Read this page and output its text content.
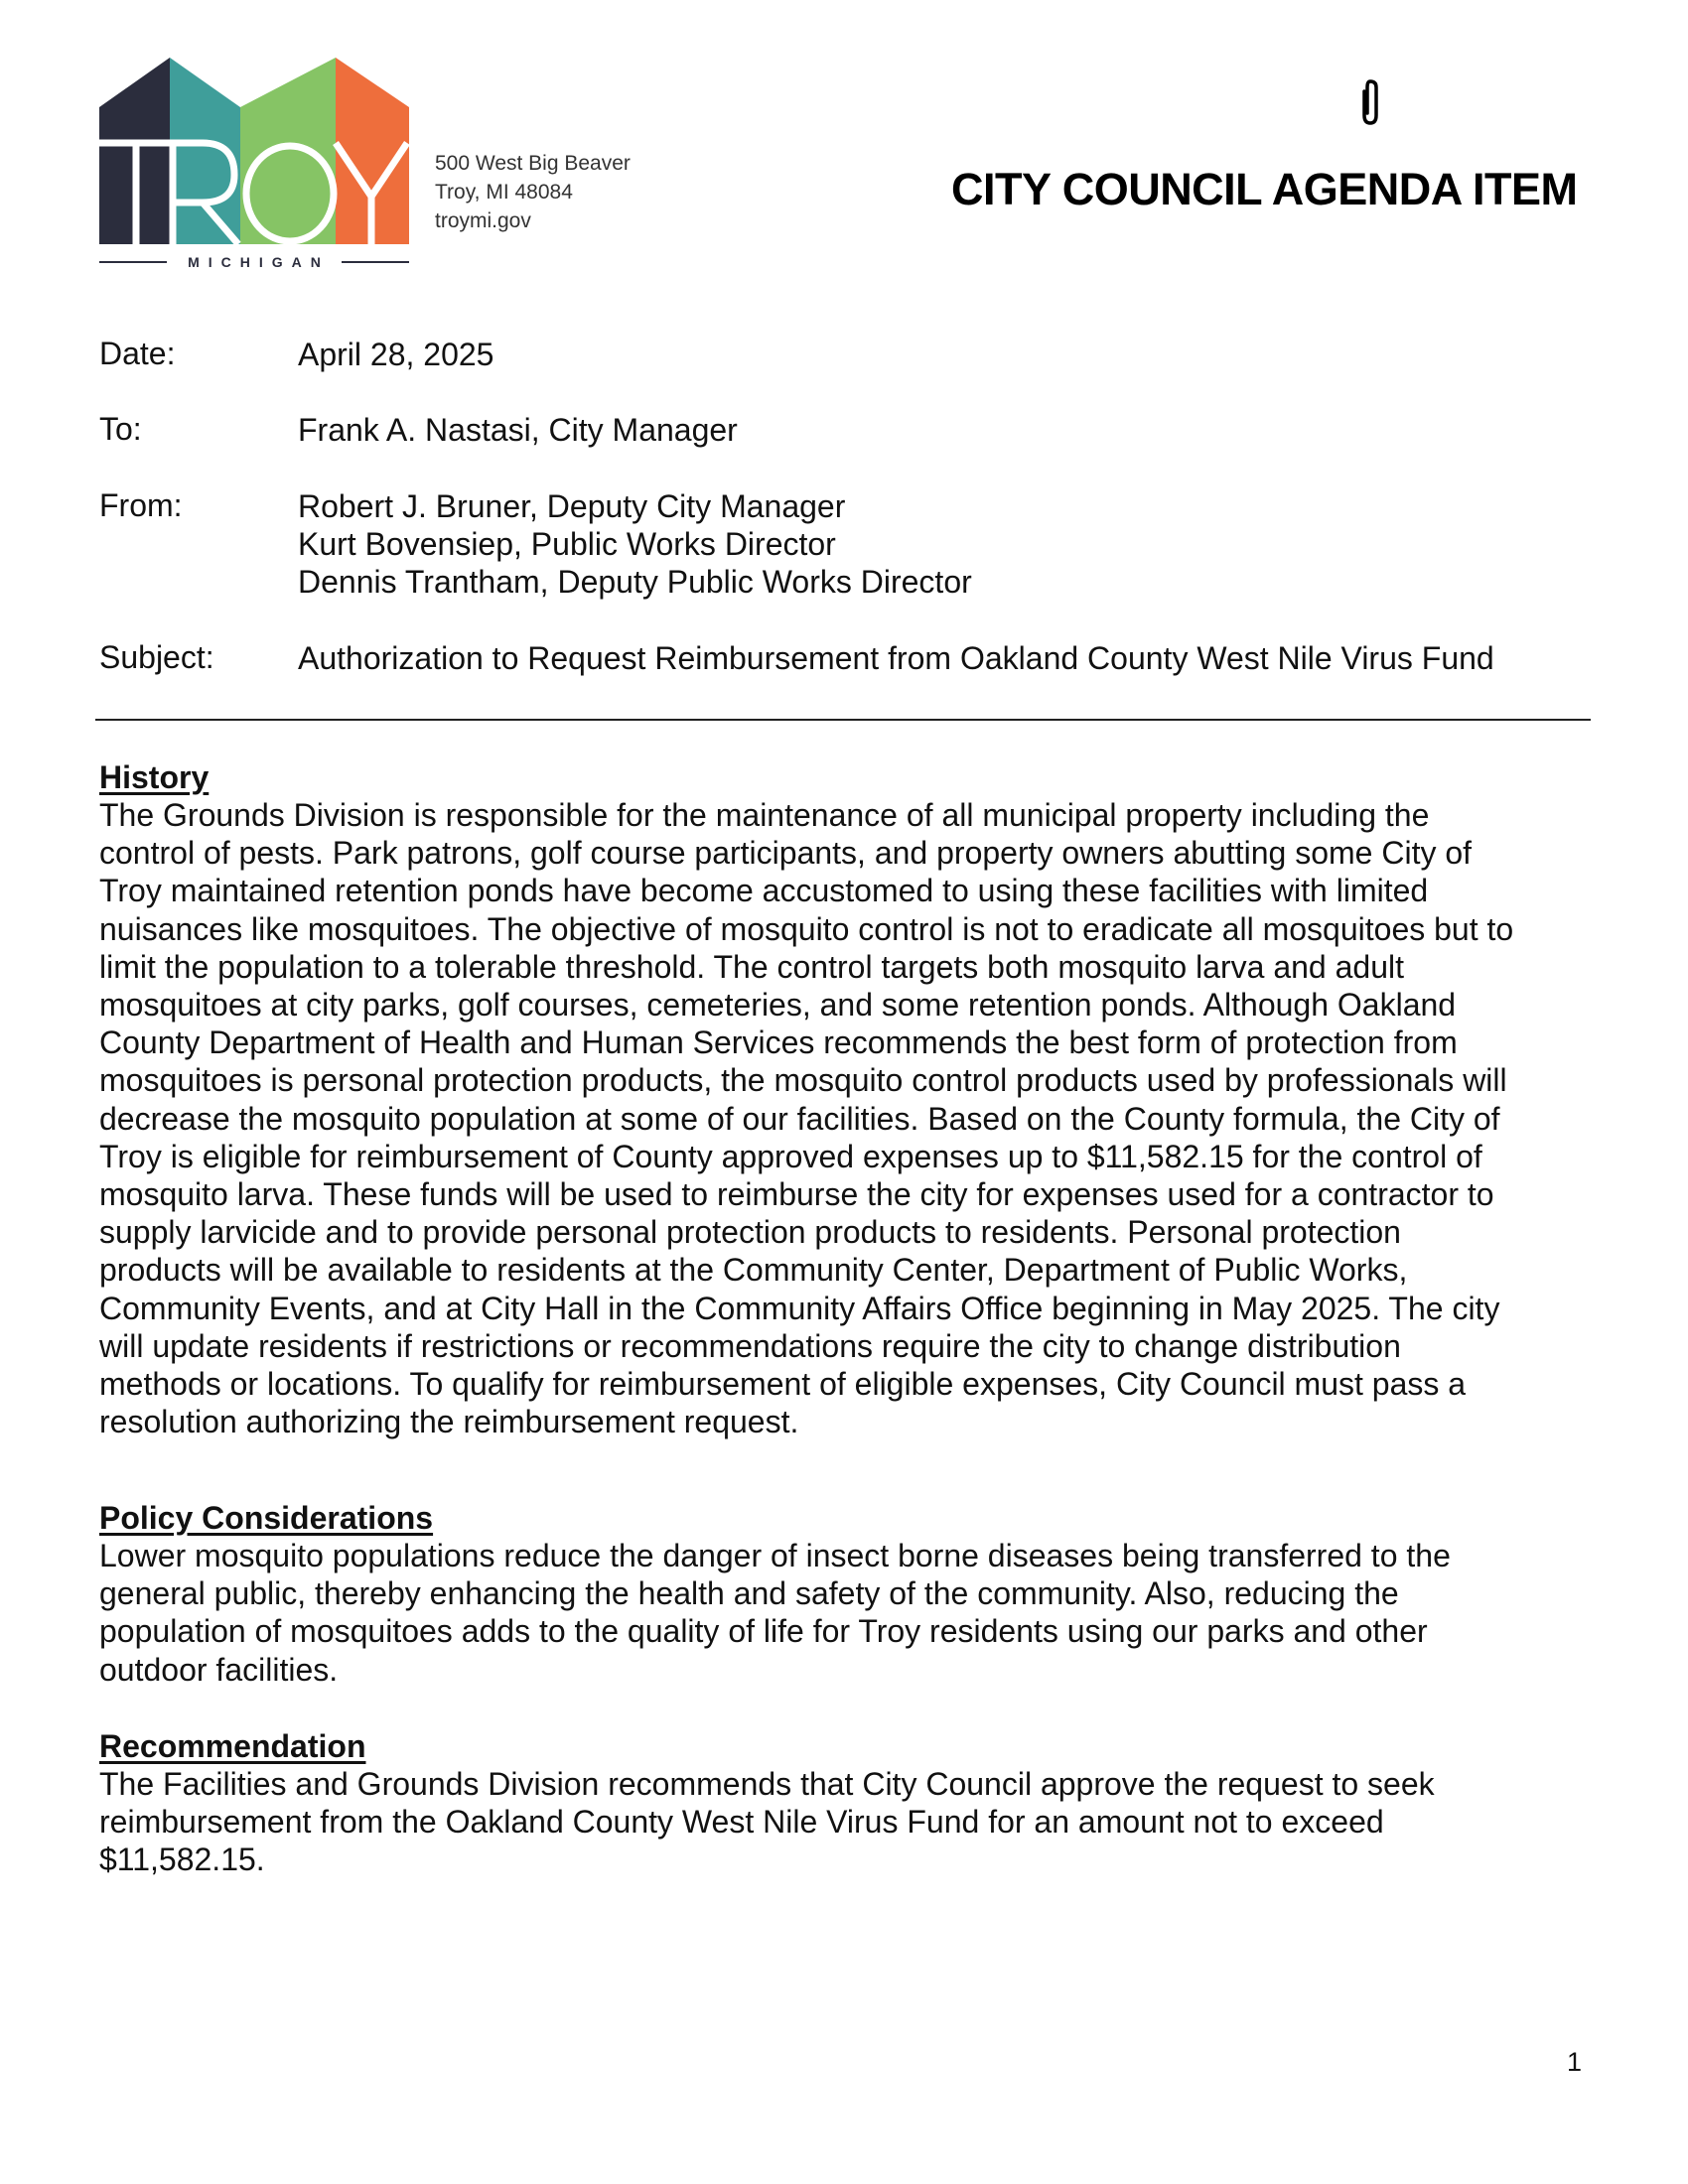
MICHIGAN
500 West Big Beaver
Troy, MI 48084
troymi.gov
CITY COUNCIL AGENDA ITEM
Date:	April 28, 2025
To:	Frank A. Nastasi, City Manager
From:	Robert J. Bruner, Deputy City Manager
Kurt Bovensiep, Public Works Director
Dennis Trantham, Deputy Public Works Director
Subject:	Authorization to Request Reimbursement from Oakland County West Nile Virus Fund
History

The Grounds Division is responsible for the maintenance of all municipal property including the
control of pests. Park patrons, golf course participants, and property owners abutting some City of
Troy maintained retention ponds have become accustomed to using these facilities with limited
nuisances like mosquitoes. The objective of mosquito control is not to eradicate all mosquitoes but to
limit the population to a tolerable threshold. The control targets both mosquito larva and adult
mosquitoes at city parks, golf courses, cemeteries, and some retention ponds. Although Oakland
County Department of Health and Human Services recommends the best form of protection from
mosquitoes is personal protection products, the mosquito control products used by professionals will
decrease the mosquito population at some of our facilities. Based on the County formula, the City of
Troy is eligible for reimbursement of County approved expenses up to $11,582.15 for the control of
mosquito larva. These funds will be used to reimburse the city for expenses used for a contractor to
supply larvicide and to provide personal protection products to residents. Personal protection
products will be available to residents at the Community Center, Department of Public Works,
Community Events, and at City Hall in the Community Affairs Office beginning in May 2025. The city
will update residents if restrictions or recommendations require the city to change distribution
methods or locations. To qualify for reimbursement of eligible expenses, City Council must pass a
resolution authorizing the reimbursement request.

Policy Considerations

Lower mosquito populations reduce the danger of insect borne diseases being transferred to the
general public, thereby enhancing the health and safety of the community. Also, reducing the
population of mosquitoes adds to the quality of life for Troy residents using our parks and other
outdoor facilities.

Recommendation

The Facilities and Grounds Division recommends that City Council approve the request to seek
reimbursement from the Oakland County West Nile Virus Fund for an amount not to exceed
$11,582.15.

1
